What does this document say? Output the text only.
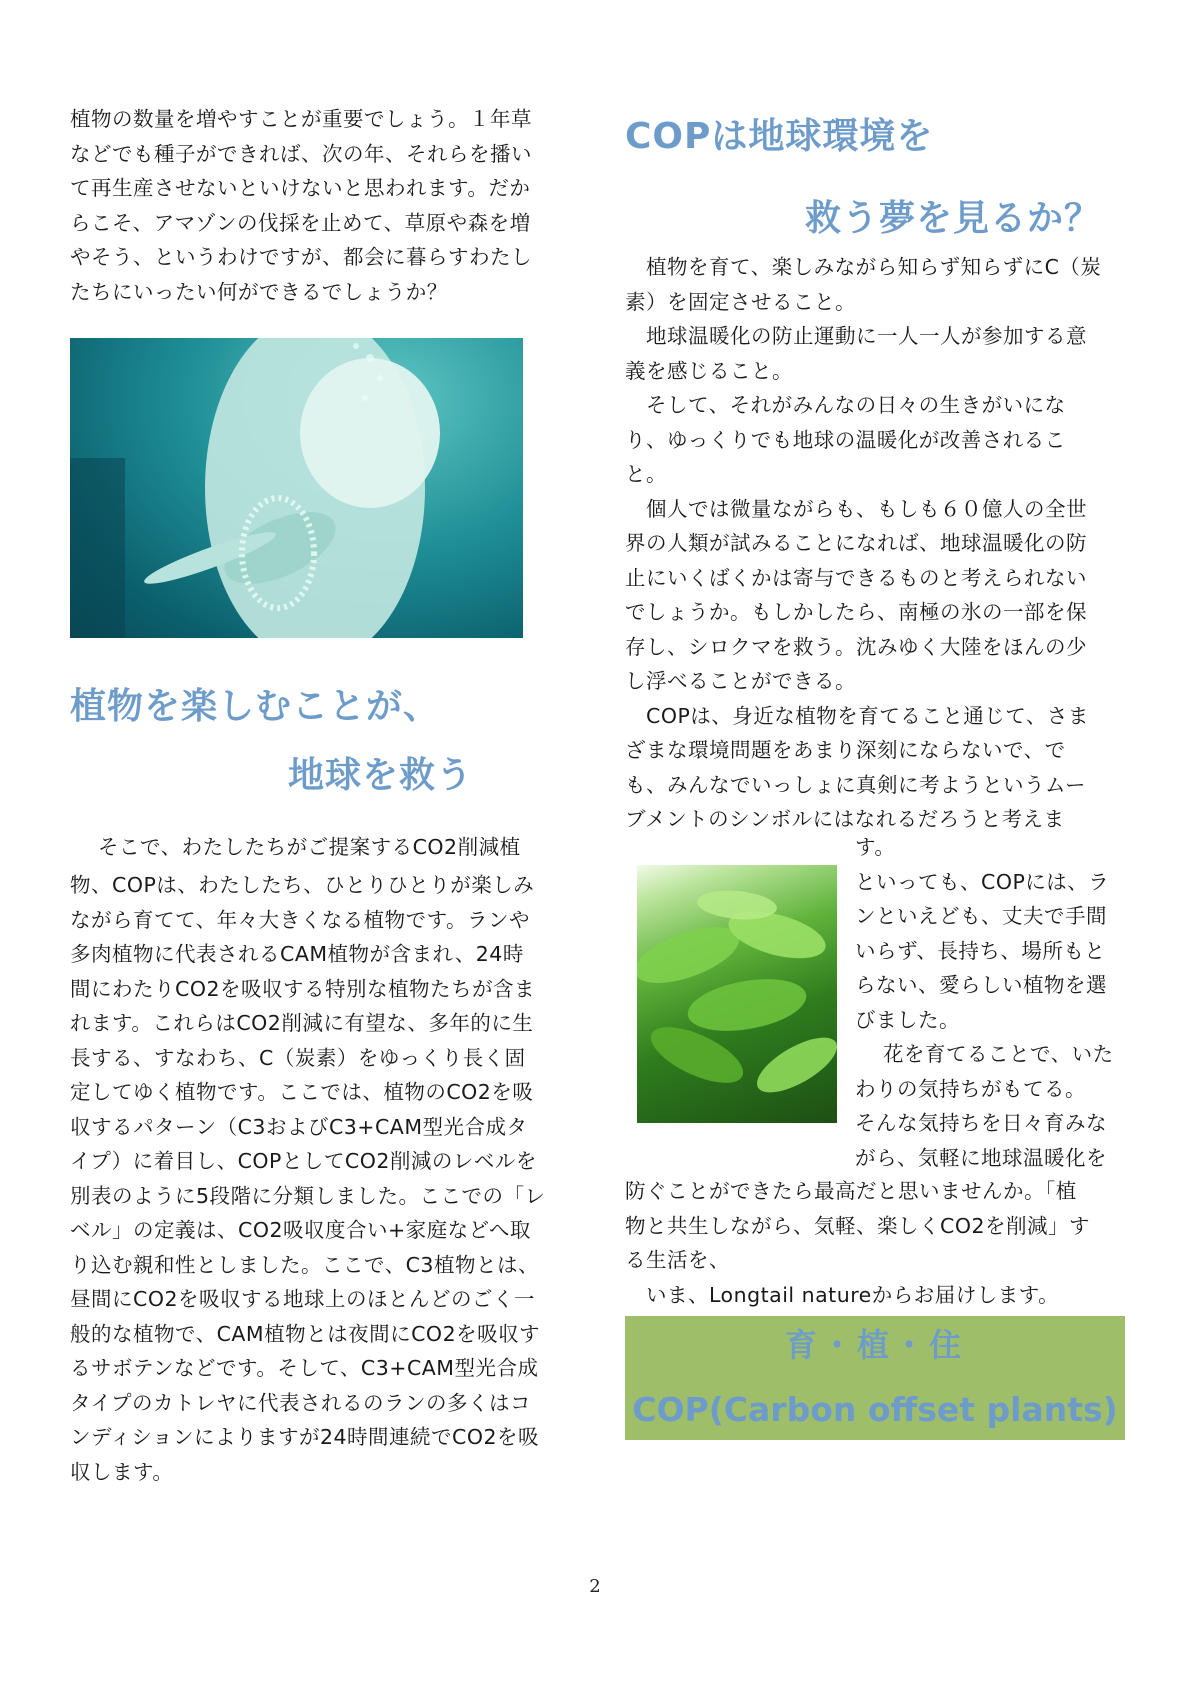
植物の数量を増やすことが重要でしょう。１年草
などでも種子ができれば、次の年、それらを播い
て再生産させないといけないと思われます。だか
らこそ、アマゾンの伐採を止めて、草原や森を増
やそう、というわけですが、都会に暮らすわたし
たちにいったい何ができるでしょうか？

植物を楽しむことが、
地球を救う

　 そこで、わたしたちがご提案するCO2削減植

物、COPは、わたしたち、ひとりひとりが楽しみ
ながら育てて、年々大きくなる植物です。ランや
多肉植物に代表されるCAM植物が含まれ、24時
間にわたりCO2を吸収する特別な植物たちが含ま
れます。これらはCO2削減に有望な、多年的に生
長する、すなわち、C（炭素）をゆっくり長く固
定してゆく植物です。ここでは、植物のCO2を吸
収するパターン（C3およびC3+CAM型光合成タ
イプ）に着目し、COPとしてCO2削減のレベルを
別表のように5段階に分類しました。ここでの「レ
ベル」の定義は、CO2吸収度合い+家庭などへ取
り込む親和性としました。ここで、C3植物とは、
昼間にCO2を吸収する地球上のほとんどのごく一
般的な植物で、CAM植物とは夜間にCO2を吸収す
るサボテンなどです。そして、C3+CAM型光合成
タイプのカトレヤに代表されるのランの多くはコ
ンディションによりますが24時間連続でCO2を吸
収します。

COPは地球環境を
救う夢を見るか？

　植物を育て、楽しみながら知らず知らずにC（炭
素）を固定させること。
　地球温暖化の防止運動に一人一人が参加する意
義を感じること。
　そして、それがみんなの日々の生きがいにな
り、ゆっくりでも地球の温暖化が改善されるこ
と。
　個人では微量ながらも、もしも６０億人の全世
界の人類が試みることになれば、地球温暖化の防
止にいくばくかは寄与できるものと考えられない
でしょうか。もしかしたら、南極の氷の一部を保
存し、シロクマを救う。沈みゆく大陸をほんの少
し浮べることができる。
　COPは、身近な植物を育てること通じて、さま
ざまな環境問題をあまり深刻にならないで、で
も、みんなでいっしょに真剣に考ようというムー
ブメントのシンボルにはなれるだろうと考えま

す。
といっても、COPには、ラ
ンといえども、丈夫で手間
いらず、長持ち、場所もと
らない、愛らしい植物を選
びました。
　 花を育てることで、いた
わりの気持ちがもてる。
そんな気持ちを日々育みな
がら、気軽に地球温暖化を

防ぐことができたら最高だと思いませんか。「植
物と共生しながら、気軽、楽しくCO2を削減」す
る生活を、
　いま、Longtail natureからお届けします。

育・植・住
COP(Carbon offset plants)
2
